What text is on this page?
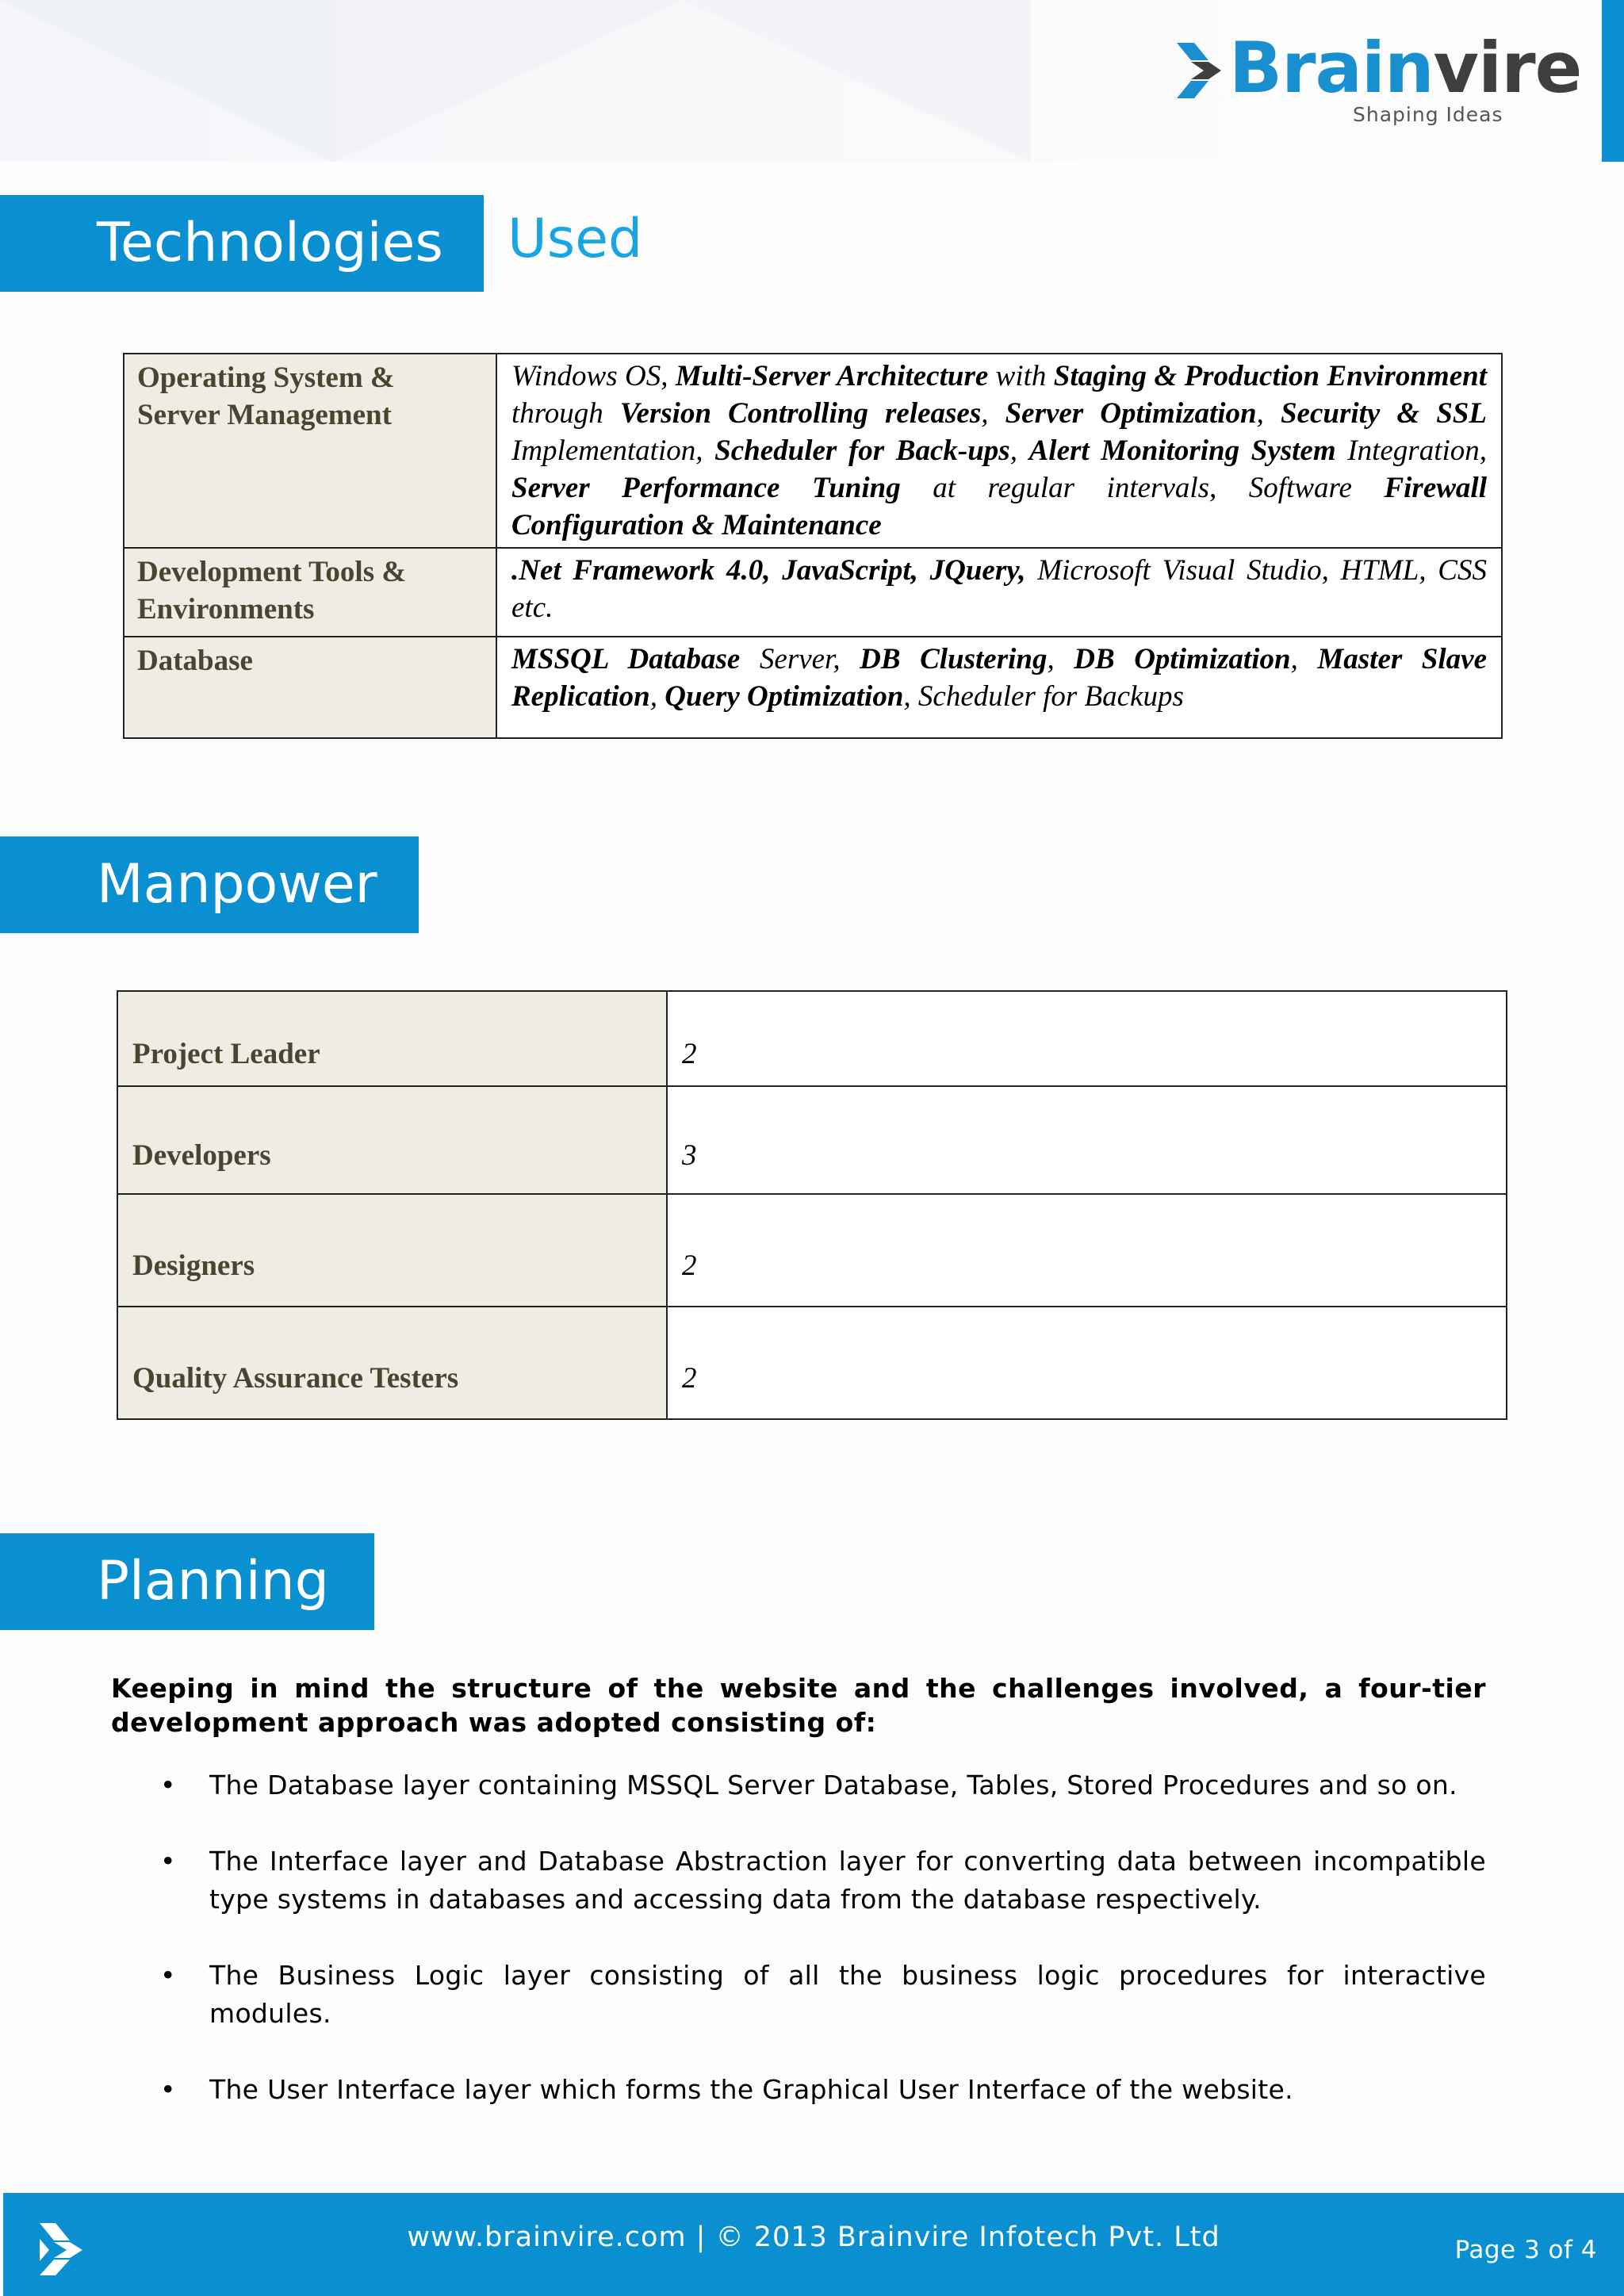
Brainvire
Shaping Ideas
Technologies	Used
Operating System & Server Management	Windows OS, Multi-Server Architecture with Staging & Production Environment through Version Controlling releases, Server Optimization, Security & SSL Implementation, Scheduler for Back-ups, Alert Monitoring System Integration, Server Performance Tuning at regular intervals, Software Firewall Configuration & Maintenance
Development Tools & Environments	.Net Framework 4.0, JavaScript, JQuery, Microsoft Visual Studio, HTML, CSS etc.
Database	MSSQL Database Server, DB Clustering, DB Optimization, Master Slave Replication, Query Optimization, Scheduler for Backups
Manpower
Project Leader	2
Developers	3
Designers	2
Quality Assurance Testers	2
Planning
Keeping in mind the structure of the website and the challenges involved, a four-tier development approach was adopted consisting of:
• The Database layer containing MSSQL Server Database, Tables, Stored Procedures and so on.
• The Interface layer and Database Abstraction layer for converting data between incompatible type systems in databases and accessing data from the database respectively.
• The Business Logic layer consisting of all the business logic procedures for interactive modules.
• The User Interface layer which forms the Graphical User Interface of the website.
www.brainvire.com | © 2013 Brainvire Infotech Pvt. Ltd	Page 3 of 4
